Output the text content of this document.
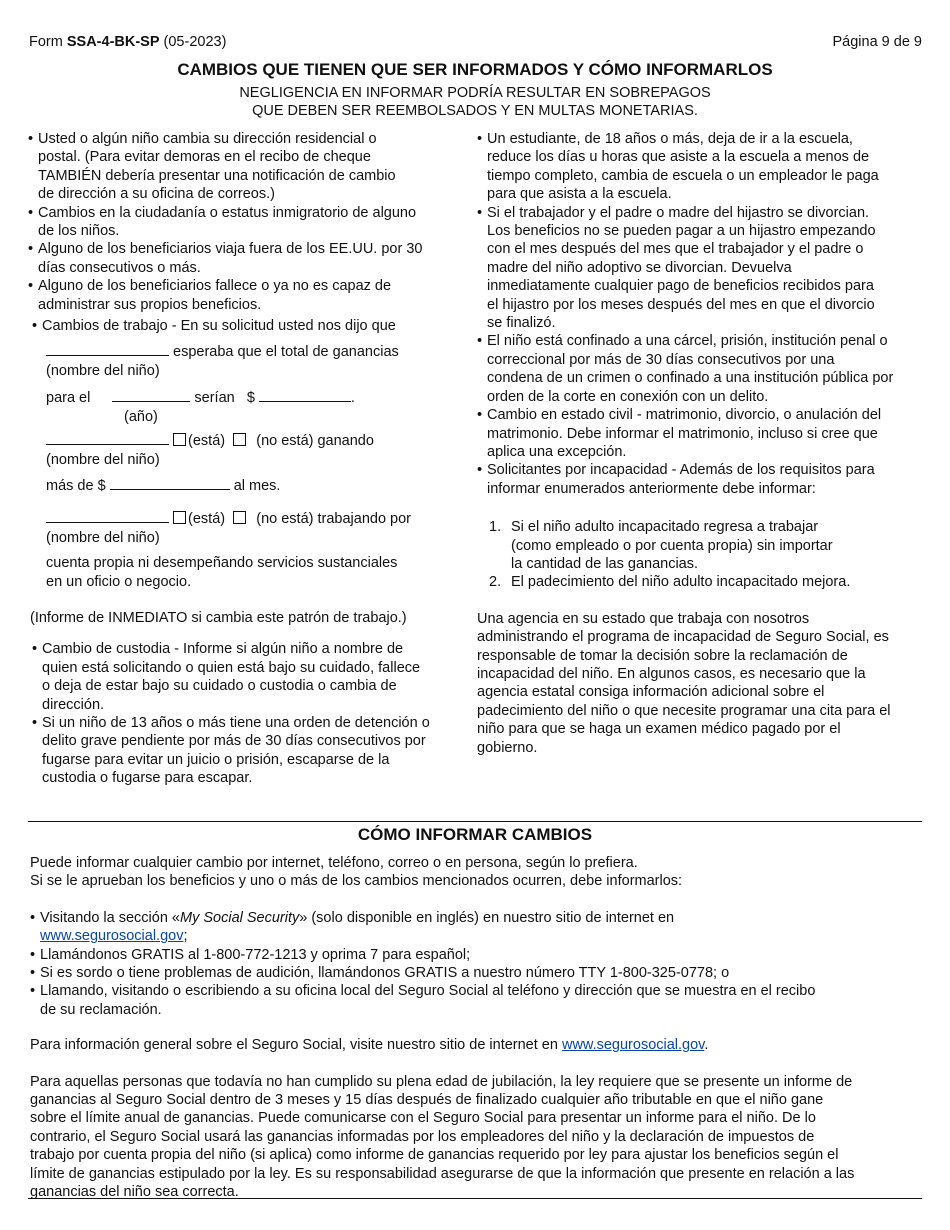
Form SSA-4-BK-SP (05-2023)	Página 9 de 9
CAMBIOS QUE TIENEN QUE SER INFORMADOS Y CÓMO INFORMARLOS
NEGLIGENCIA EN INFORMAR PODRÍA RESULTAR EN SOBREPAGOS
QUE DEBEN SER REEMBOLSADOS Y EN MULTAS MONETARIAS.
• Usted o algún niño cambia su dirección residencial o
postal. (Para evitar demoras en el recibo de cheque
TAMBIÉN debería presentar una notificación de cambio
de dirección a su oficina de correos.)
• Cambios en la ciudadanía o estatus inmigratorio de alguno
de los niños.
• Alguno de los beneficiarios viaja fuera de los EE.UU. por 30
días consecutivos o más.
• Alguno de los beneficiarios fallece o ya no es capaz de
administrar sus propios beneficios.
• Cambios de trabajo - En su solicitud usted nos dijo que
esperaba que el total de ganancias
(nombre del niño)
para el	serían $	.
(año)
(está) (no está) ganando
(nombre del niño)
más de $	al mes.
(está) (no está) trabajando por
(nombre del niño)
cuenta propia ni desempeñando servicios sustanciales
en un oficio o negocio.
(Informe de INMEDIATO si cambia este patrón de trabajo.)
• Cambio de custodia - Informe si algún niño a nombre de
quien está solicitando o quien está bajo su cuidado, fallece
o deja de estar bajo su cuidado o custodia o cambia de
dirección.
• Si un niño de 13 años o más tiene una orden de detención o
delito grave pendiente por más de 30 días consecutivos por
fugarse para evitar un juicio o prisión, escaparse de la
custodia o fugarse para escapar.
• Un estudiante, de 18 años o más, deja de ir a la escuela,
reduce los días u horas que asiste a la escuela a menos de
tiempo completo, cambia de escuela o un empleador le paga
para que asista a la escuela.
• Si el trabajador y el padre o madre del hijastro se divorcian.
Los beneficios no se pueden pagar a un hijastro empezando
con el mes después del mes que el trabajador y el padre o
madre del niño adoptivo se divorcian. Devuelva
inmediatamente cualquier pago de beneficios recibidos para
el hijastro por los meses después del mes en que el divorcio
se finalizó.
• El niño está confinado a una cárcel, prisión, institución penal o
correccional por más de 30 días consecutivos por una
condena de un crimen o confinado a una institución pública por
orden de la corte en conexión con un delito.
• Cambio en estado civil - matrimonio, divorcio, o anulación del
matrimonio. Debe informar el matrimonio, incluso si cree que
aplica una excepción.
• Solicitantes por incapacidad - Además de los requisitos para
informar enumerados anteriormente debe informar:
1. Si el niño adulto incapacitado regresa a trabajar
(como empleado o por cuenta propia) sin importar
la cantidad de las ganancias.
2. El padecimiento del niño adulto incapacitado mejora.
Una agencia en su estado que trabaja con nosotros
administrando el programa de incapacidad de Seguro Social, es
responsable de tomar la decisión sobre la reclamación de
incapacidad del niño. En algunos casos, es necesario que la
agencia estatal consiga información adicional sobre el
padecimiento del niño o que necesite programar una cita para el
niño para que se haga un examen médico pagado por el
gobierno.
CÓMO INFORMAR CAMBIOS
Puede informar cualquier cambio por internet, teléfono, correo o en persona, según lo prefiera.
Si se le aprueban los beneficios y uno o más de los cambios mencionados ocurren, debe informarlos:
• Visitando la sección «My Social Security» (solo disponible en inglés) en nuestro sitio de internet en
www.segurosocial.gov;
• Llamándonos GRATIS al 1-800-772-1213 y oprima 7 para español;
• Si es sordo o tiene problemas de audición, llamándonos GRATIS a nuestro número TTY 1-800-325-0778; o
• Llamando, visitando o escribiendo a su oficina local del Seguro Social al teléfono y dirección que se muestra en el recibo
de su reclamación.
Para información general sobre el Seguro Social, visite nuestro sitio de internet en www.segurosocial.gov.
Para aquellas personas que todavía no han cumplido su plena edad de jubilación, la ley requiere que se presente un informe de
ganancias al Seguro Social dentro de 3 meses y 15 días después de finalizado cualquier año tributable en que el niño gane
sobre el límite anual de ganancias. Puede comunicarse con el Seguro Social para presentar un informe para el niño. De lo
contrario, el Seguro Social usará las ganancias informadas por los empleadores del niño y la declaración de impuestos de
trabajo por cuenta propia del niño (si aplica) como informe de ganancias requerido por ley para ajustar los beneficios según el
límite de ganancias estipulado por la ley. Es su responsabilidad asegurarse de que la información que presente en relación a las
ganancias del niño sea correcta.
